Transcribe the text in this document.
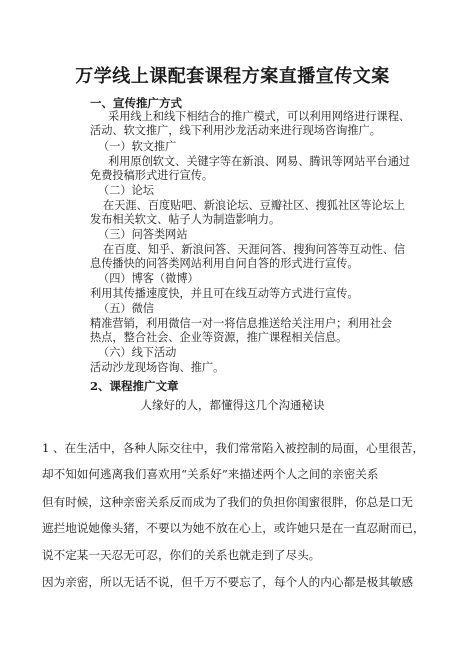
万学线上课配套课程方案直播宣传文案
一、宣传推广方式
采用线上和线下相结合的推广模式，可以利用网络进行课程、
活动、软文推广，线下利用沙龙活动来进行现场咨询推广。
（一）软文推广
利用原创软文、关键字等在新浪、网易、腾讯等网站平台通过
免费投稿形式进行宣传。
（二）论坛
在天涯、百度贴吧、新浪论坛、豆瓣社区、搜狐社区等论坛上
发布相关软文、帖子人为制造影响力。
（三）问答类网站
在百度、知乎、新浪问答、天涯问答、搜狗问答等互动性、信
息传播快的问答类网站利用自问自答的形式进行宣传。
（四）博客（微博）
利用其传播速度快，并且可在线互动等方式进行宣传。
（五）微信
精准营销，利用微信一对一将信息推送给关注用户；利用社会
热点，整合社会、企业等资源，推广课程相关信息。
（六）线下活动
活动沙龙现场咨询、推广。
2、课程推广文章
人缘好的人，都懂得这几个沟通秘诀
1 、在生活中，各种人际交往中，我们常常陷入被控制的局面，心里很苦，
却不知如何逃离我们喜欢用“关系好”来描述两个人之间的亲密关系
但有时候，这种亲密关系反而成为了我们的负担你闺蜜很胖，你总是口无
遮拦地说她像头猪，不要以为她不放在心上，或许她只是在一直忍耐而已，
说不定某一天忍无可忍，你们的关系也就走到了尽头。
因为亲密，所以无话不说，但千万不要忘了，每个人的内心都是极其敏感
